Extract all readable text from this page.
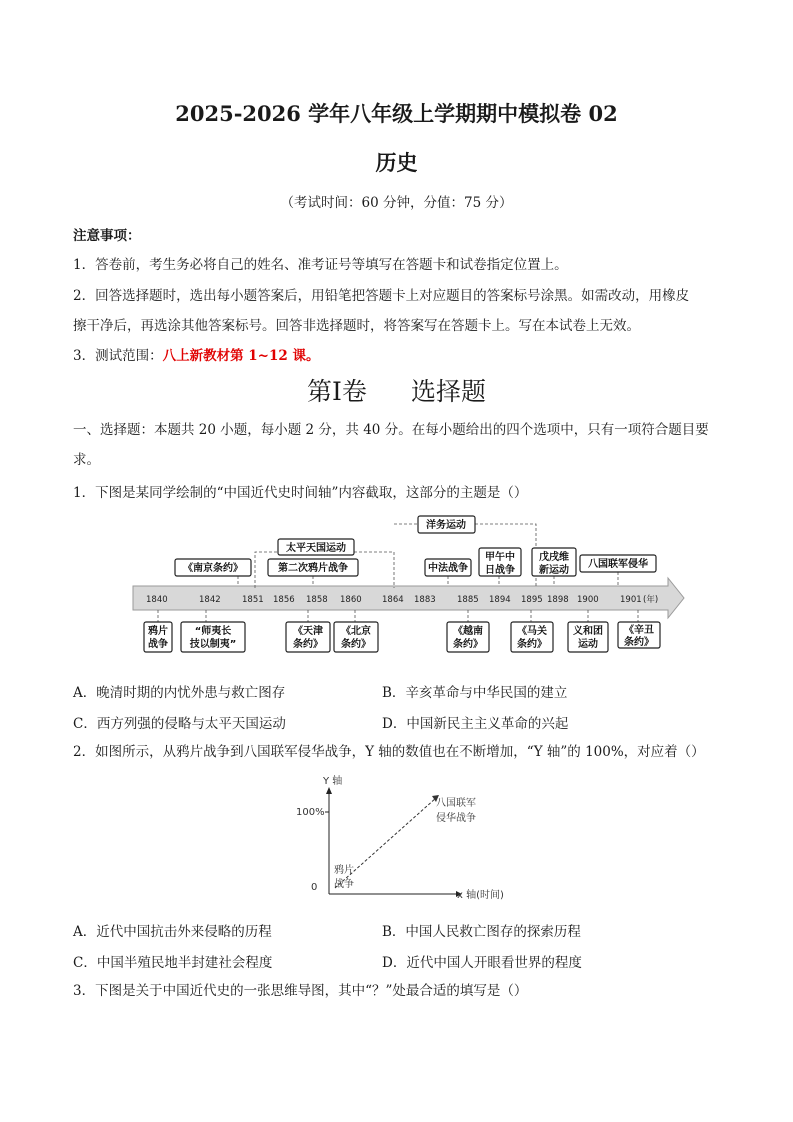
2025-2026 学年八年级上学期期中模拟卷 02
历史
（考试时间：60 分钟，分值：75 分）
注意事项：
1．答卷前，考生务必将自己的姓名、准考证号等填写在答题卡和试卷指定位置上。
2．回答选择题时，选出每小题答案后，用铅笔把答题卡上对应题目的答案标号涂黑。如需改动，用橡皮
擦干净后，再选涂其他答案标号。回答非选择题时，将答案写在答题卡上。写在本试卷上无效。
3．测试范围：八上新教材第 1~12 课。
第Ⅰ卷 选择题
一、选择题：本题共 20 小题，每小题 2 分，共 40 分。在每小题给出的四个选项中，只有一项符合题目要
求。
1．下图是某同学绘制的“中国近代史时间轴”内容截取，这部分的主题是（）
1840	1842	1851 1856 1858 1860 1864 1883	1885 1894 1895 1898 1900	1901 (年)
《南京条约》
太平天国运动
第二次鸦片战争
洋务运动
中法战争
甲午中
日战争
戊戌维
新运动
八国联军侵华
鸦片
战争
“师夷长
技以制夷”
《天津
条约》
《北京
条约》
《越南
条约》
《马关
条约》
义和团
运动
《辛丑
条约》
A．晚清时期的内忧外患与救亡图存	B．辛亥革命与中华民国的建立
C．西方列强的侵略与太平天国运动	D．中国新民主主义革命的兴起
2．如图所示，从鸦片战争到八国联军侵华战争，Y 轴的数值也在不断增加，“Y 轴”的 100%，对应着（）
Y 轴
100%
0
x 轴(时间)
鸦片
战争
八国联军
侵华战争
A．近代中国抗击外来侵略的历程	B．中国人民救亡图存的探索历程
C．中国半殖民地半封建社会程度	D．近代中国人开眼看世界的程度
3．下图是关于中国近代史的一张思维导图，其中“？”处最合适的填写是（）
